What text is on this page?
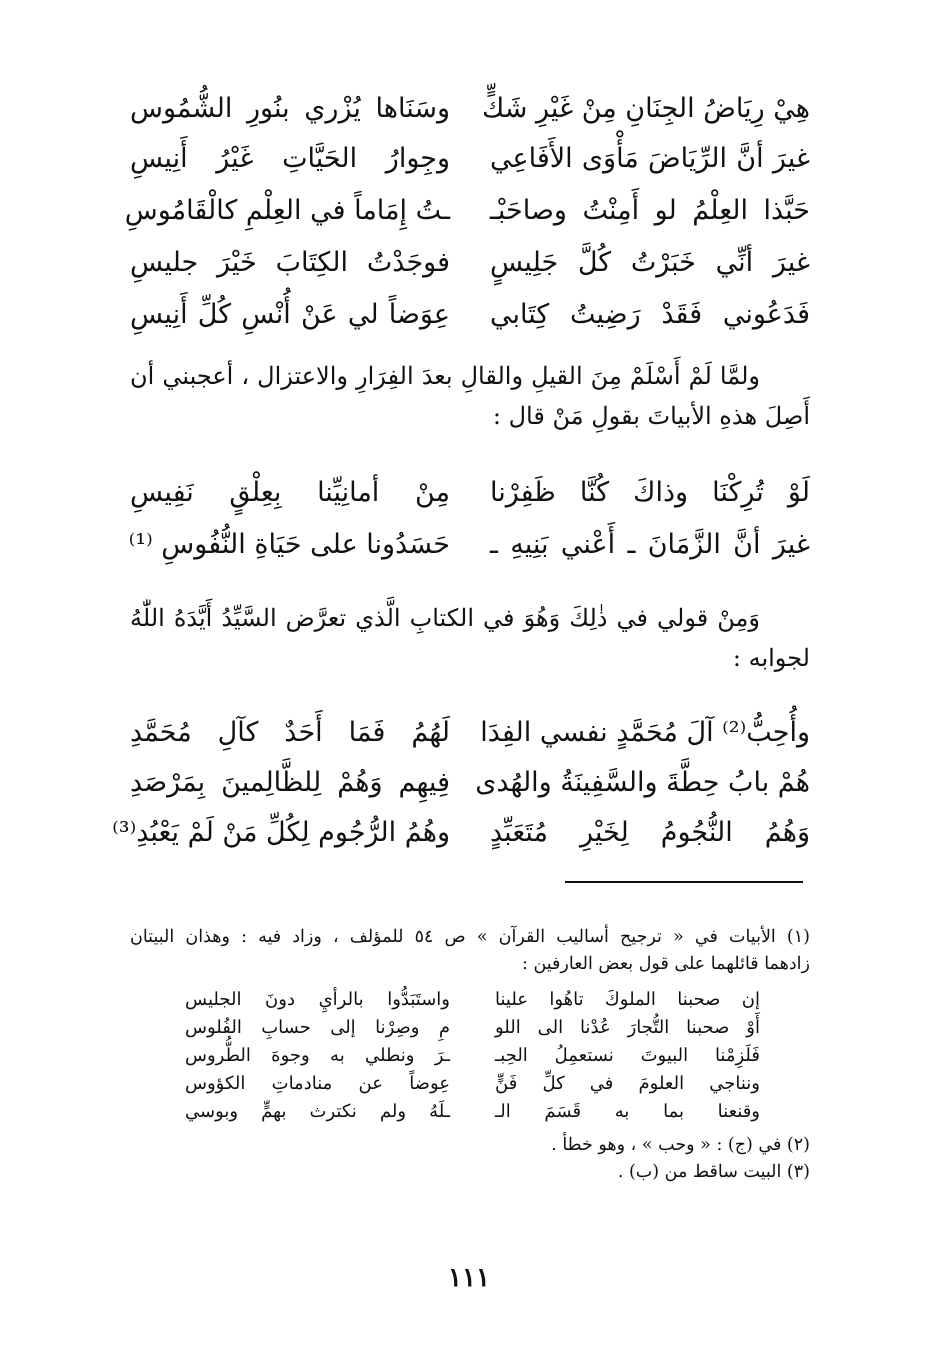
هِيْ رِيَاضُ الجِنَانِ مِنْ غَيْرِ شَكٍّ
وسَنَاها يُزْري بنُورِ الشُّمُوس
غيرَ أنَّ الرِّيَاضَ مَأْوَى الأَفَاعِي
وجِوارُ الحَيَّاتِ غَيْرُ أَنِيسِ
حَبَّذا العِلْمُ لو أَمِنْتُ وصاحَبْـ
ـتُ إِمَاماً في العِلْمِ كالْقَامُوسِ
غيرَ أنِّي خَبَرْتُ كُلَّ جَلِيسٍ
فوجَدْتُ الكِتَابَ خَيْرَ جليسِ
فَدَعُوني فَقَدْ رَضِيتُ كِتَابي
عِوَضاً لي عَنْ أُنْسِ كُلِّ أَنِيسِ
ولمَّا لَمْ أَسْلَمْ مِنَ القيلِ والقالِ بعدَ الفِرَارِ والاعتزال ، أعجبني أن
أَصِلَ هذهِ الأبياتَ بقولِ مَنْ قال :
لَوْ تُرِكْنَا وذاكَ كُنَّا ظَفِرْنا
مِنْ أمانِيِّنا بِعِلْقٍ نَفِيسِ
غيرَ أنَّ الزَّمَانَ ـ أَعْني بَنِيهِ ـ
حَسَدُونا على حَيَاةِ النُّفُوسِ ⁽¹⁾
وَمِنْ قولي في ذٰلِكَ وَهُوَ في الكتابِ الَّذي تعرَّض السَّيِّدُ أَيَّدَهُ اللّٰهُ
لجوابه :
وأُحِبُّ⁽²⁾ آلَ مُحَمَّدٍ نفسي الفِدَا
لَهُمُ فَمَا أَحَدٌ كآلِ مُحَمَّدِ
هُمْ بابُ حِطَّةَ والسَّفِينَةُ والهُدى
فِيهِم وَهُمْ لِلظَّالِمينَ بِمَرْصَدِ
وَهُمُ النُّجُومُ لِخَيْرِ مُتَعَبِّدٍ
وهُمُ الرُّجُوم لِكُلِّ مَنْ لَمْ يَعْبُدِ⁽³⁾
(١) الأبيات في « ترجيح أساليب القرآن » ص ٥٤ للمؤلف ، وزاد فيه : وهذان البيتان
زادهما قائلهما على قول بعض العارفين :
إن صحبنا الملوكَ تاهُوا علينا
واستَبَدُّوا بالرأيِ دونَ الجليس
أَوْ صحبنا التُّجارَ عُدْنا الى اللو
مِ وصِرْنا إلى حسابِ الفُلوس
فَلَزِمْنا البيوتَ نستعمِلُ الحِبـ
ـرَ ونطلي به وجوهَ الطُّروس
ونناجي العلومَ في كلِّ فَنٍّ
عِوضاً عن منادماتِ الكؤوس
وقنعنا بما به قَسَمَ الـ
ـلَهُ ولم نكترث بهمٍّ وبوسي
(٢) في (ج) : « وحب » ، وهو خطأ .
(٣) البيت ساقط من (ب) .
١١١
